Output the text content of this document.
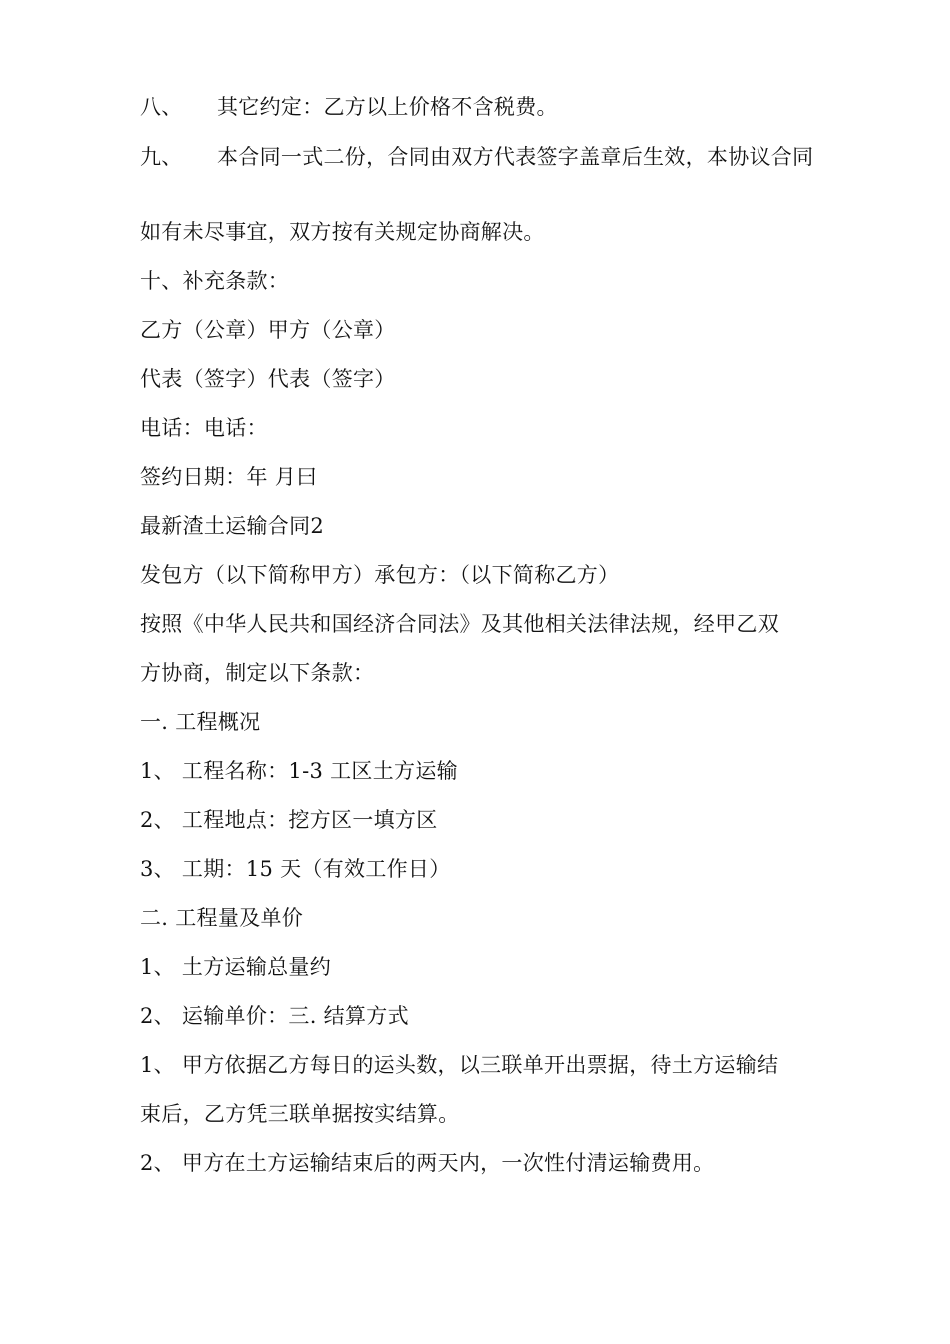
八、 其它约定：乙方以上价格不含税费。
九、 本合同一式二份，合同由双方代表签字盖章后生效，本协议合同
如有未尽事宜，双方按有关规定协商解决。
十、补充条款：
乙方（公章）甲方（公章）
代表（签字）代表（签字）
电话：电话：
签约日期：年 月曰
最新渣土运输合同2
发包方（以下简称甲方）承包方：（以下简称乙方）
按照《中华人民共和国经济合同法》及其他相关法律法规，经甲乙双
方协商，制定以下条款：
一. 工程概况
1、 工程名称：1-3 工区土方运输
2、 工程地点：挖方区一填方区
3、 工期：15 天（有效工作日）
二. 工程量及单价
1、 土方运输总量约
2、 运输单价：三. 结算方式
1、 甲方依据乙方每日的运头数，以三联单开出票据，待土方运输结
束后，乙方凭三联单据按实结算。
2、 甲方在土方运输结束后的两天内，一次性付清运输费用。
